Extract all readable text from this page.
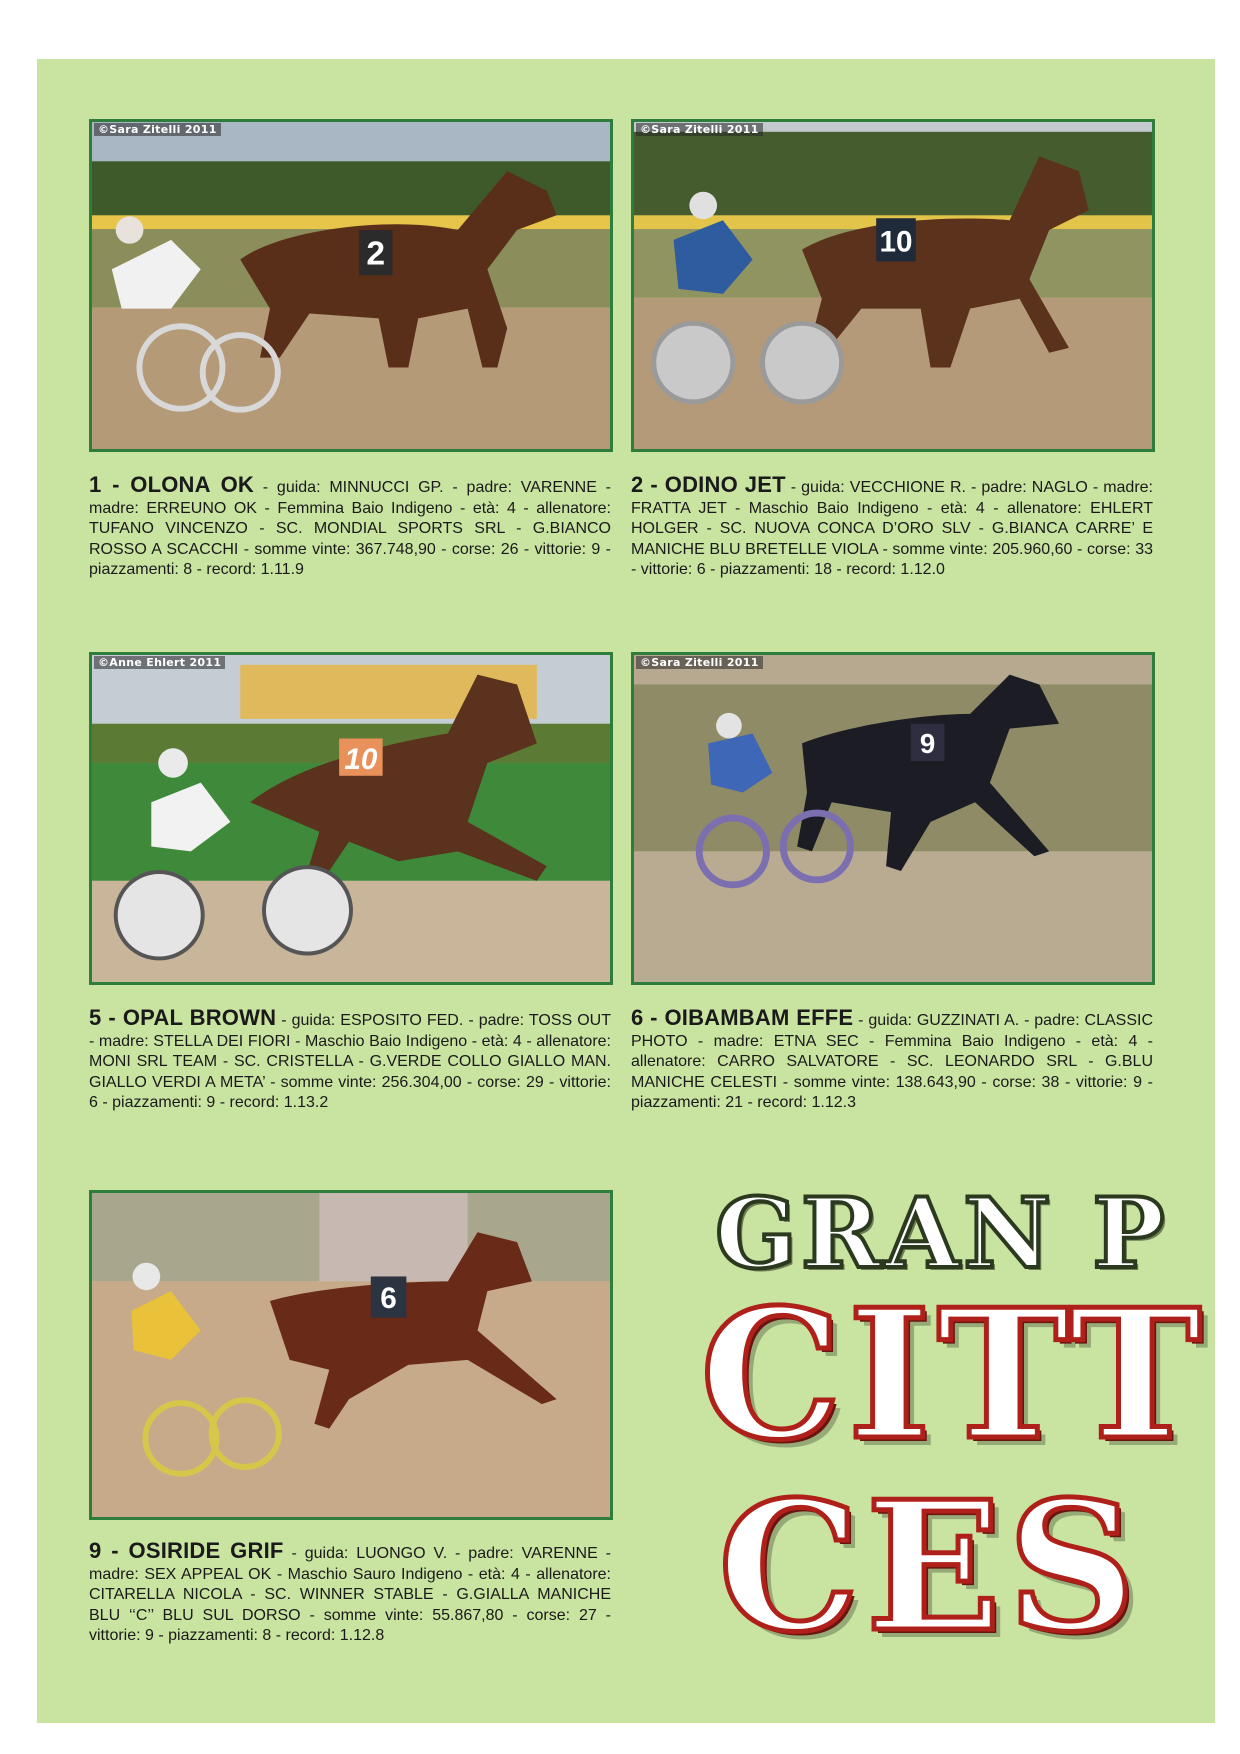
2
©Sara Zitelli 2011
10
©Sara Zitelli 2011
1 - OLONA OK - guida: MINNUCCI GP. - padre: VARENNE - madre: ERREUNO OK - Femmina Baio Indigeno - età: 4 - allenatore: TUFANO VINCENZO - SC. MONDIAL SPORTS SRL - G.BIANCO ROSSO A SCACCHI - somme vinte: 367.748,90 - corse: 26 - vittorie: 9 - piazzamenti: 8 - record: 1.11.9
2 - ODINO JET - guida: VECCHIONE R. - padre: NAGLO - madre: FRATTA JET - Maschio Baio Indigeno - età: 4 - allenatore: EHLERT HOLGER - SC. NUOVA CONCA D’ORO SLV - G.BIANCA CARRE’ E MANICHE BLU BRETELLE VIOLA - somme vinte: 205.960,60 - corse: 33 - vittorie: 6 - piazzamenti: 18 - record: 1.12.0
10
©Anne Ehlert 2011
9
©Sara Zitelli 2011
5 - OPAL BROWN - guida: ESPOSITO FED. - padre: TOSS OUT - madre: STELLA DEI FIORI - Maschio Baio Indigeno - età: 4 - allenatore: MONI SRL TEAM - SC. CRISTELLA - G.VERDE COLLO GIALLO MAN. GIALLO VERDI A META’ - somme vinte: 256.304,00 - corse: 29 - vittorie: 6 - piazzamenti: 9 - record: 1.13.2
6 - OIBAMBAM EFFE - guida: GUZZINATI A. - padre: CLASSIC PHOTO - madre: ETNA SEC - Femmina Baio Indigeno - età: 4 - allenatore: CARRO SALVATORE - SC. LEONARDO SRL - G.BLU MANICHE CELESTI - somme vinte: 138.643,90 - corse: 38 - vittorie: 9 - piazzamenti: 21 - record: 1.12.3
6
9 - OSIRIDE GRIF - guida: LUONGO V. - padre: VARENNE - madre: SEX APPEAL OK - Maschio Sauro Indigeno - età: 4 - allenatore: CITARELLA NICOLA - SC. WINNER STABLE - G.GIALLA MANICHE BLU ‘‘C’’ BLU SUL DORSO - somme vinte: 55.867,80 - corse: 27 - vittorie: 9 - piazzamenti: 8 - record: 1.12.8
GRAN P
CITT
CES
